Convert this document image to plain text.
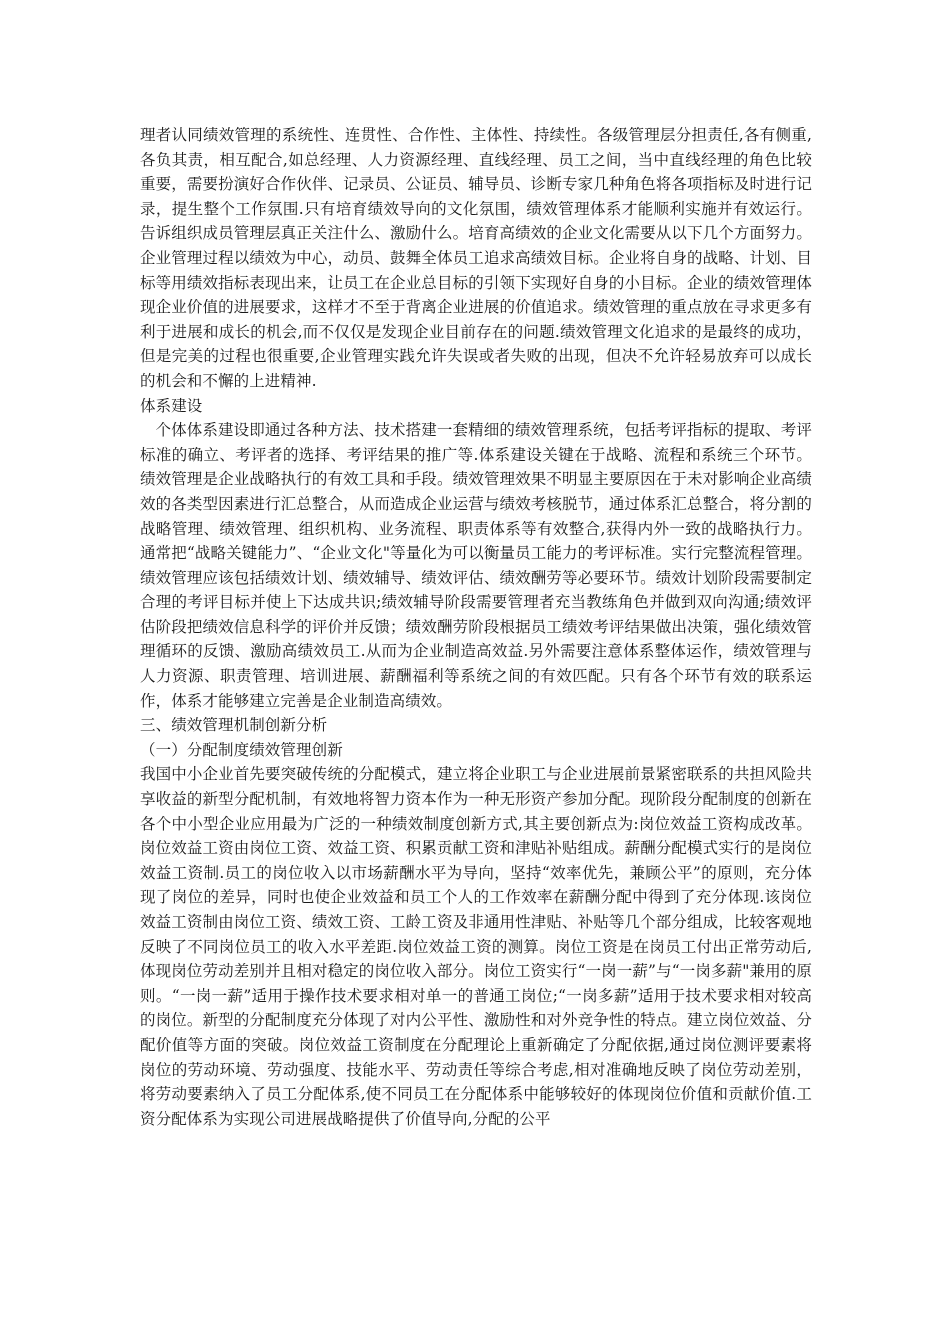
理者认同绩效管理的系统性、连贯性、合作性、主体性、持续性。各级管理层分担责任,各有侧重,各负其责，相互配合,如总经理、人力资源经理、直线经理、员工之间，当中直线经理的角色比较重要，需要扮演好合作伙伴、记录员、公证员、辅导员、诊断专家几种角色将各项指标及时进行记录，提生整个工作氛围.只有培育绩效导向的文化氛围，绩效管理体系才能顺利实施并有效运行。告诉组织成员管理层真正关注什么、激励什么。培育高绩效的企业文化需要从以下几个方面努力。企业管理过程以绩效为中心，动员、鼓舞全体员工追求高绩效目标。企业将自身的战略、计划、目标等用绩效指标表现出来，让员工在企业总目标的引领下实现好自身的小目标。企业的绩效管理体现企业价值的进展要求，这样才不至于背离企业进展的价值追求。绩效管理的重点放在寻求更多有利于进展和成长的机会,而不仅仅是发现企业目前存在的问题.绩效管理文化追求的是最终的成功，但是完美的过程也很重要,企业管理实践允许失误或者失败的出现，但决不允许轻易放弃可以成长的机会和不懈的上进精神.

体系建设

个体体系建设即通过各种方法、技术搭建一套精细的绩效管理系统，包括考评指标的提取、考评标准的确立、考评者的选择、考评结果的推广等.体系建设关键在于战略、流程和系统三个环节。绩效管理是企业战略执行的有效工具和手段。绩效管理效果不明显主要原因在于未对影响企业高绩效的各类型因素进行汇总整合，从而造成企业运营与绩效考核脱节，通过体系汇总整合，将分割的战略管理、绩效管理、组织机构、业务流程、职责体系等有效整合,获得内外一致的战略执行力。通常把“战略关键能力”、“企业文化"等量化为可以衡量员工能力的考评标准。实行完整流程管理。绩效管理应该包括绩效计划、绩效辅导、绩效评估、绩效酬劳等必要环节。绩效计划阶段需要制定合理的考评目标并使上下达成共识;绩效辅导阶段需要管理者充当教练角色并做到双向沟通;绩效评估阶段把绩效信息科学的评价并反馈；绩效酬劳阶段根据员工绩效考评结果做出决策，强化绩效管理循环的反馈、激励高绩效员工.从而为企业制造高效益.另外需要注意体系整体运作，绩效管理与人力资源、职责管理、培训进展、薪酬福利等系统之间的有效匹配。只有各个环节有效的联系运作，体系才能够建立完善是企业制造高绩效。

三、绩效管理机制创新分析

（一）分配制度绩效管理创新

我国中小企业首先要突破传统的分配模式，建立将企业职工与企业进展前景紧密联系的共担风险共享收益的新型分配机制，有效地将智力资本作为一种无形资产参加分配。现阶段分配制度的创新在各个中小型企业应用最为广泛的一种绩效制度创新方式,其主要创新点为:岗位效益工资构成改革。岗位效益工资由岗位工资、效益工资、积累贡献工资和津贴补贴组成。薪酬分配模式实行的是岗位效益工资制.员工的岗位收入以市场薪酬水平为导向，坚持“效率优先，兼顾公平”的原则，充分体现了岗位的差异，同时也使企业效益和员工个人的工作效率在薪酬分配中得到了充分体现.该岗位效益工资制由岗位工资、绩效工资、工龄工资及非通用性津贴、补贴等几个部分组成，比较客观地反映了不同岗位员工的收入水平差距.岗位效益工资的测算。岗位工资是在岗员工付出正常劳动后,体现岗位劳动差别并且相对稳定的岗位收入部分。岗位工资实行“一岗一薪”与“一岗多薪"兼用的原则。“一岗一薪”适用于操作技术要求相对单一的普通工岗位;“一岗多薪”适用于技术要求相对较高的岗位。新型的分配制度充分体现了对内公平性、激励性和对外竞争性的特点。建立岗位效益、分配价值等方面的突破。岗位效益工资制度在分配理论上重新确定了分配依据,通过岗位测评要素将岗位的劳动环境、劳动强度、技能水平、劳动责任等综合考虑,相对准确地反映了岗位劳动差别，将劳动要素纳入了员工分配体系,使不同员工在分配体系中能够较好的体现岗位价值和贡献价值.工资分配体系为实现公司进展战略提供了价值导向,分配的公平
